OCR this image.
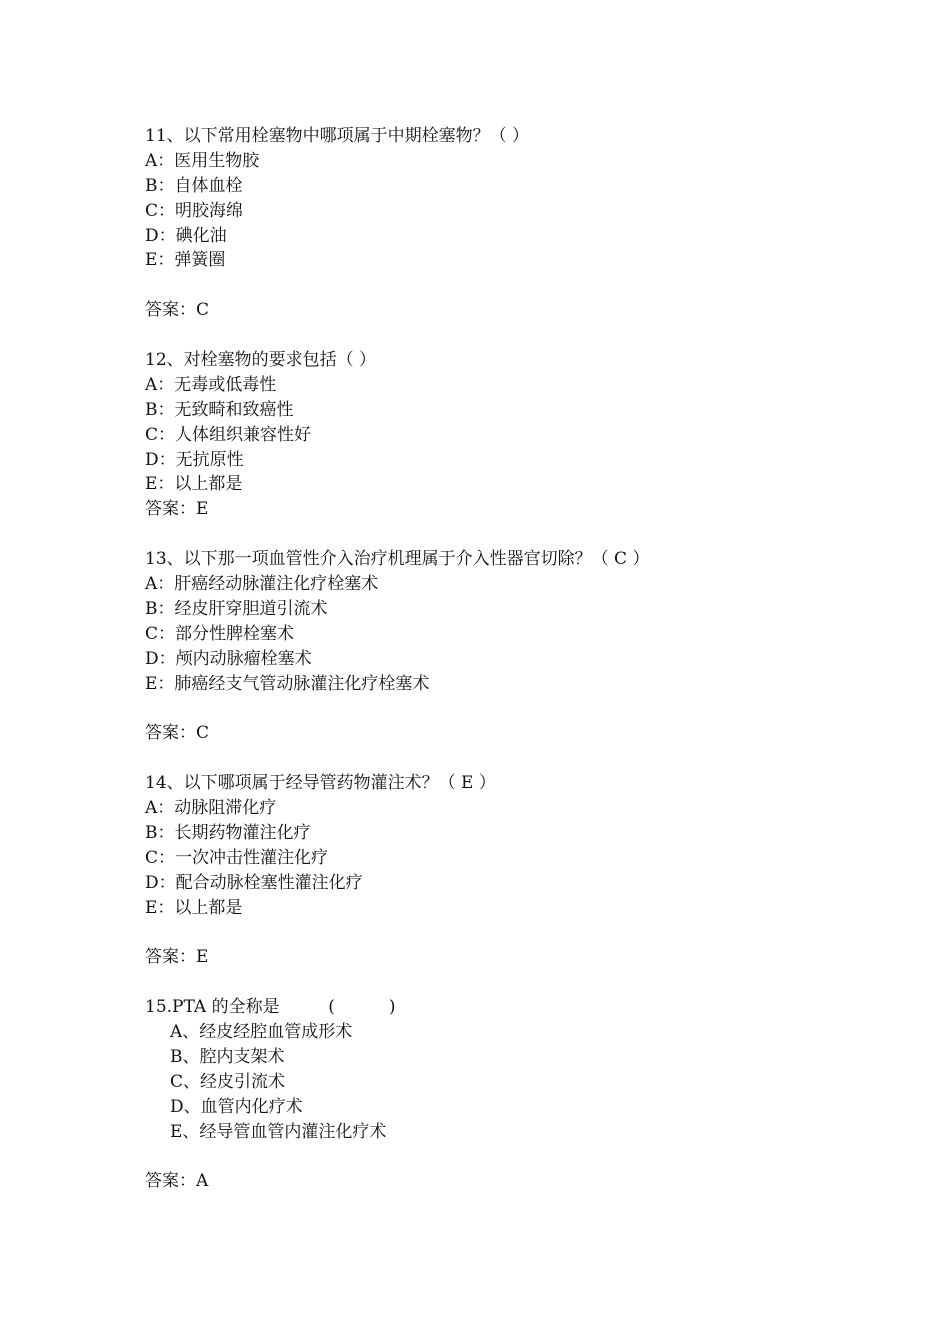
11、以下常用栓塞物中哪项属于中期栓塞物？（ ）
A：医用生物胶
B：自体血栓
C：明胶海绵
D：碘化油
E：弹簧圈
答案：C
12、对栓塞物的要求包括（ ）
A：无毒或低毒性
B：无致畸和致癌性
C：人体组织兼容性好
D：无抗原性
E：以上都是
答案：E
13、以下那一项血管性介入治疗机理属于介入性器官切除？（ C ）
A：肝癌经动脉灌注化疗栓塞术
B：经皮肝穿胆道引流术
C：部分性脾栓塞术
D：颅内动脉瘤栓塞术
E：肺癌经支气管动脉灌注化疗栓塞术
答案：C
14、以下哪项属于经导管药物灌注术？（ E ）
A：动脉阻滞化疗
B：长期药物灌注化疗
C：一次冲击性灌注化疗
D：配合动脉栓塞性灌注化疗
E：以上都是
答案：E
15.PTA 的全称是         (          )
A、经皮经腔血管成形术
B、腔内支架术
C、经皮引流术
D、血管内化疗术
E、经导管血管内灌注化疗术
答案：A
